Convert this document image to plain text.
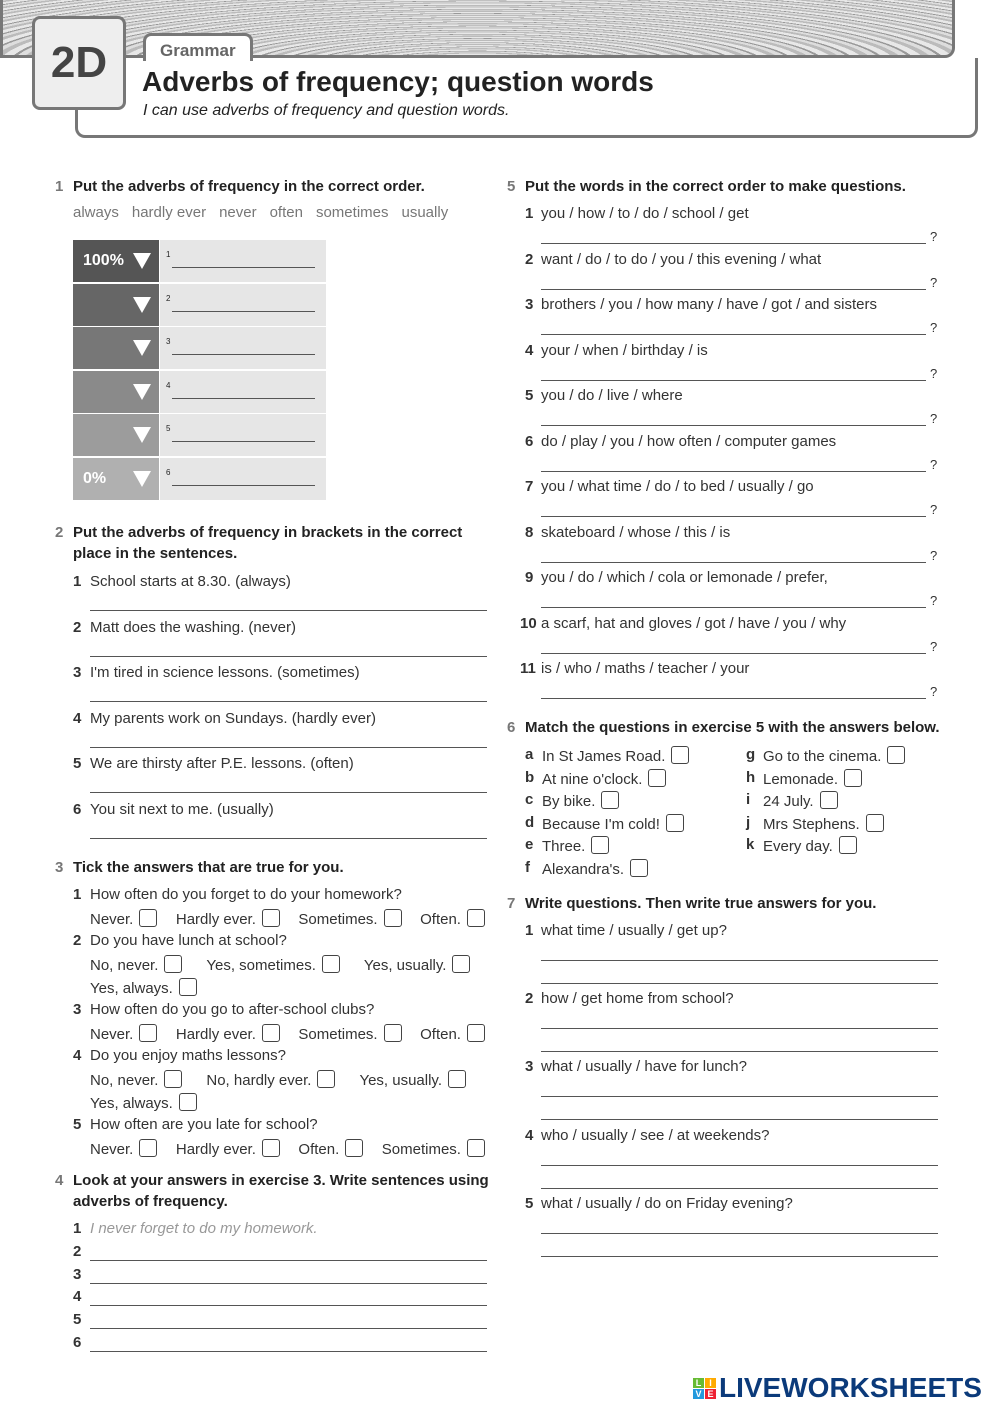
2D	Grammar
Adverbs of frequency; question words
I can use adverbs of frequency and question words.
1 Put the adverbs of frequency in the correct order.
always hardly ever never often sometimes usually
100%	1
2
3
4
5
0%	6
2 Put the adverbs of frequency in brackets in the correct
place in the sentences.
1 School starts at 8.30. (always)
2 Matt does the washing. (never)
3 I'm tired in science lessons. (sometimes)
4 My parents work on Sundays. (hardly ever)
5 We are thirsty after P.E. lessons. (often)
6 You sit next to me. (usually)
3 Tick the answers that are true for you.
1 How often do you forget to do your homework?
Never.	Hardly ever.	Sometimes.	Often.
2 Do you have lunch at school?
No, never.	Yes, sometimes.	Yes, usually.
Yes, always.
3 How often do you go to after-school clubs?
Never.	Hardly ever.	Sometimes.	Often.
4 Do you enjoy maths lessons?
No, never.	No, hardly ever.	Yes, usually.
Yes, always.
5 How often are you late for school?
Never.	Hardly ever.	Often.	Sometimes.
4 Look at your answers in exercise 3. Write sentences using
adverbs of frequency.
1 I never forget to do my homework.
2
3
4
5
6
5 Put the words in the correct order to make questions.
1 you / how / to / do / school / get
?
2 want / do / to do / you / this evening / what
?
3 brothers / you / how many / have / got / and sisters
?
4 your / when / birthday / is
?
5 you / do / live / where
?
6 do / play / you / how often / computer games
?
7 you / what time / do / to bed / usually / go
?
8 skateboard / whose / this / is
?
9 you / do / which / cola or lemonade / prefer,
?
10 a scarf, hat and gloves / got / have / you / why
?
11 is / who / maths / teacher / your
?
6 Match the questions in exercise 5 with the answers below.
a In St James Road.
b At nine o'clock.
c By bike.
d Because I'm cold!
e Three.
f Alexandra's.
g Go to the cinema.
h Lemonade.
i 24 July.
j Mrs Stephens.
k Every day.
7 Write questions. Then write true answers for you.
1 what time / usually / get up?
2 how / get home from school?
3 what / usually / have for lunch?
4 who / usually / see / at weekends?
5 what / usually / do on Friday evening?
L I
V E LIVEWORKSHEETS
